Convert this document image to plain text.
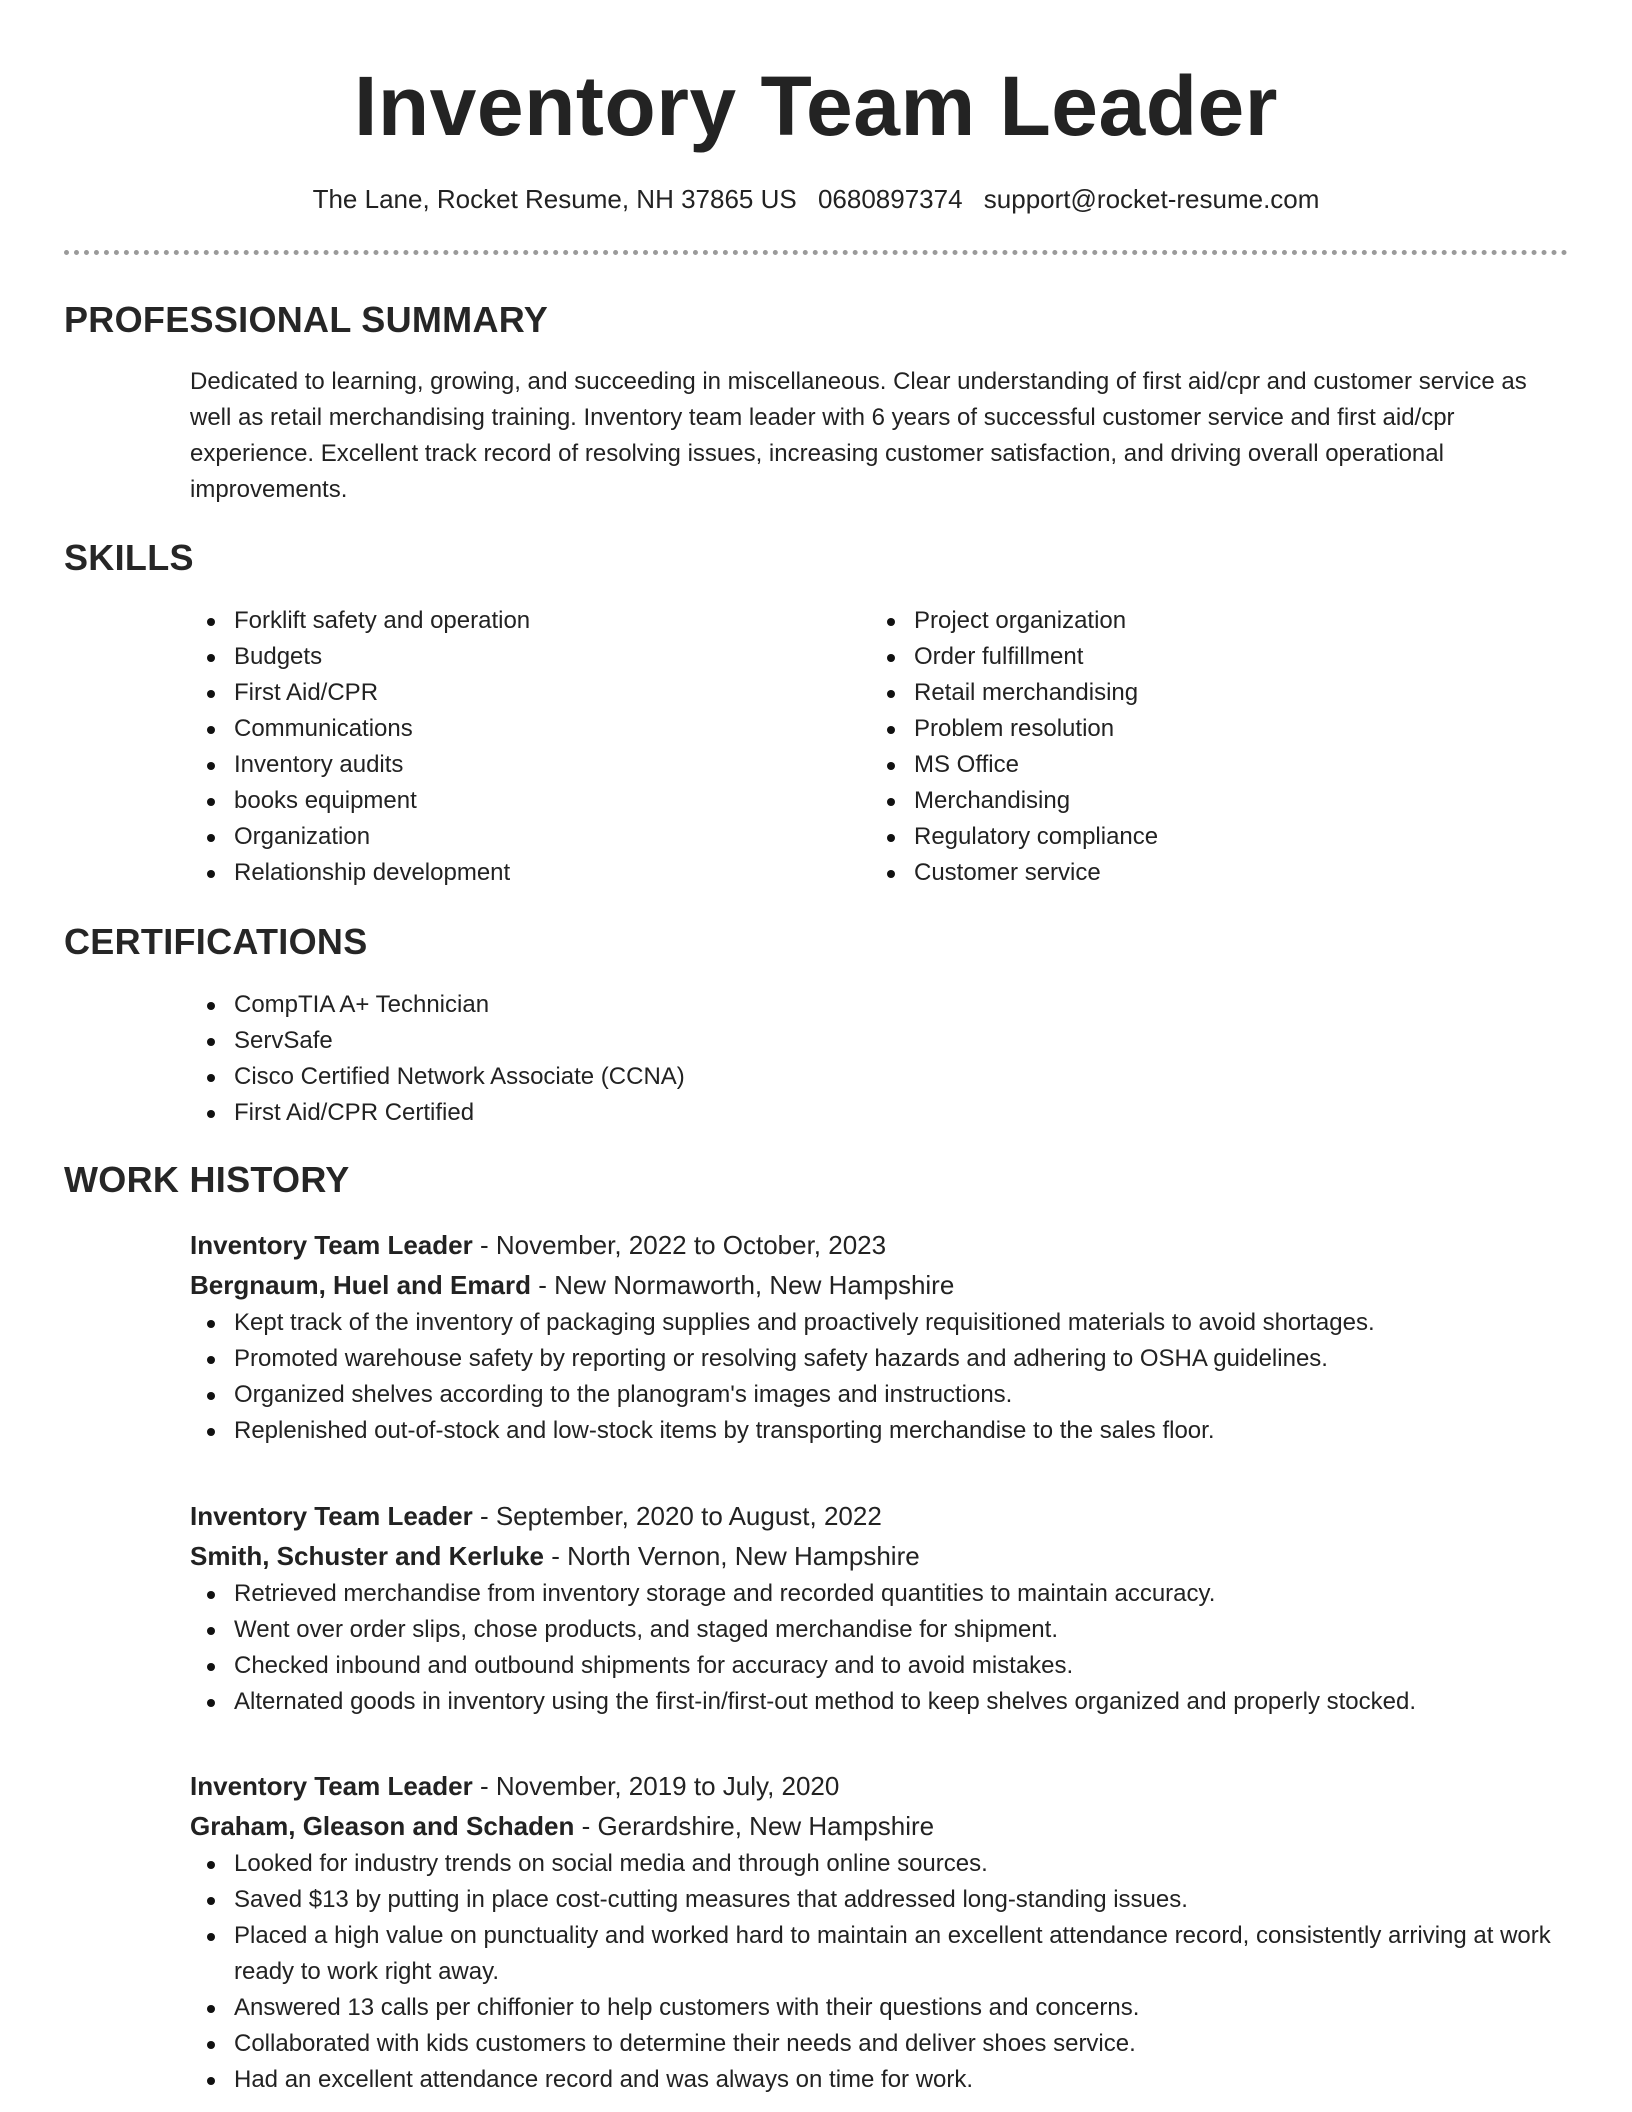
Inventory Team Leader
The Lane, Rocket Resume, NH 37865 US 0680897374 support@rocket-resume.com
PROFESSIONAL SUMMARY

Dedicated to learning, growing, and succeeding in miscellaneous. Clear understanding of first aid/cpr and customer service as well as retail merchandising training. Inventory team leader with 6 years of successful customer service and first aid/cpr experience. Excellent track record of resolving issues, increasing customer satisfaction, and driving overall operational improvements.

SKILLS
Forklift safety and operation
Budgets
First Aid/CPR
Communications
Inventory audits
books equipment
Organization
Relationship development
Project organization
Order fulfillment
Retail merchandising
Problem resolution
MS Office
Merchandising
Regulatory compliance
Customer service
CERTIFICATIONS
CompTIA A+ Technician
ServSafe
Cisco Certified Network Associate (CCNA)
First Aid/CPR Certified
WORK HISTORY
Inventory Team Leader - November, 2022 to October, 2023
Bergnaum, Huel and Emard - New Normaworth, New Hampshire
Kept track of the inventory of packaging supplies and proactively requisitioned materials to avoid shortages.
Promoted warehouse safety by reporting or resolving safety hazards and adhering to OSHA guidelines.
Organized shelves according to the planogram's images and instructions.
Replenished out-of-stock and low-stock items by transporting merchandise to the sales floor.
Inventory Team Leader - September, 2020 to August, 2022
Smith, Schuster and Kerluke - North Vernon, New Hampshire
Retrieved merchandise from inventory storage and recorded quantities to maintain accuracy.
Went over order slips, chose products, and staged merchandise for shipment.
Checked inbound and outbound shipments for accuracy and to avoid mistakes.
Alternated goods in inventory using the first-in/first-out method to keep shelves organized and properly stocked.
Inventory Team Leader - November, 2019 to July, 2020
Graham, Gleason and Schaden - Gerardshire, New Hampshire
Looked for industry trends on social media and through online sources.
Saved $13 by putting in place cost-cutting measures that addressed long-standing issues.
Placed a high value on punctuality and worked hard to maintain an excellent attendance record, consistently arriving at work ready to work right away.
Answered 13 calls per chiffonier to help customers with their questions and concerns.
Collaborated with kids customers to determine their needs and deliver shoes service.
Had an excellent attendance record and was always on time for work.
